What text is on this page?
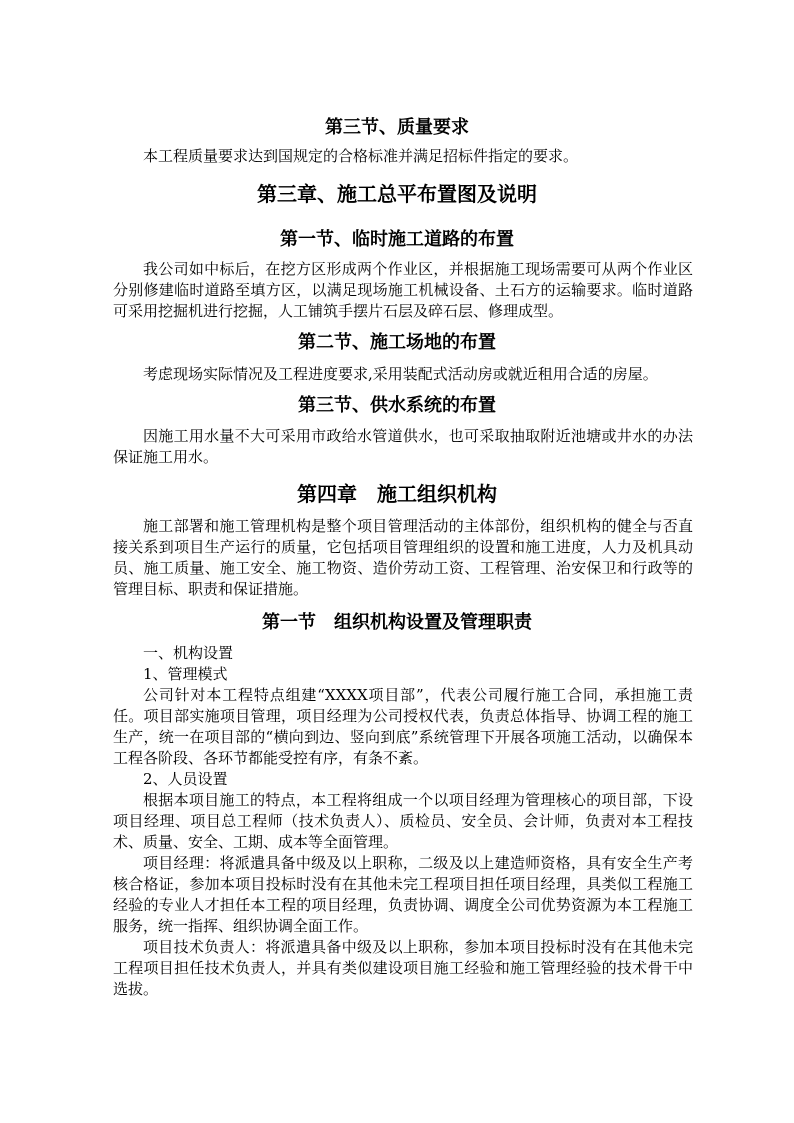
第三节、质量要求

本工程质量要求达到国规定的合格标准并满足招标件指定的要求。

第三章、施工总平布置图及说明
第一节、临时施工道路的布置

我公司如中标后，在挖方区形成两个作业区，并根据施工现场需要可从两个作业区分别修建临时道路至填方区，以满足现场施工机械设备、土石方的运输要求。临时道路可采用挖掘机进行挖掘，人工铺筑手摆片石层及碎石层、修理成型。

第二节、施工场地的布置

考虑现场实际情况及工程进度要求,采用装配式活动房或就近租用合适的房屋。

第三节、供水系统的布置

因施工用水量不大可采用市政给水管道供水，也可采取抽取附近池塘或井水的办法保证施工用水。

第四章　施工组织机构

施工部署和施工管理机构是整个项目管理活动的主体部份，组织机构的健全与否直接关系到项目生产运行的质量，它包括项目管理组织的设置和施工进度，人力及机具动员、施工质量、施工安全、施工物资、造价劳动工资、工程管理、治安保卫和行政等的管理目标、职责和保证措施。

第一节　组织机构设置及管理职责

一、机构设置

1、管理模式

公司针对本工程特点组建“XXXX项目部”，代表公司履行施工合同，承担施工责任。项目部实施项目管理，项目经理为公司授权代表，负责总体指导、协调工程的施工生产，统一在项目部的“横向到边、竖向到底”系统管理下开展各项施工活动，以确保本工程各阶段、各环节都能受控有序，有条不紊。

2、人员设置

根据本项目施工的特点，本工程将组成一个以项目经理为管理核心的项目部，下设项目经理、项目总工程师（技术负责人）、质检员、安全员、会计师，负责对本工程技术、质量、安全、工期、成本等全面管理。

项目经理：将派遣具备中级及以上职称，二级及以上建造师资格，具有安全生产考核合格证，参加本项目投标时没有在其他未完工程项目担任项目经理，具类似工程施工经验的专业人才担任本工程的项目经理，负责协调、调度全公司优势资源为本工程施工服务，统一指挥、组织协调全面工作。

项目技术负责人：将派遣具备中级及以上职称，参加本项目投标时没有在其他未完工程项目担任技术负责人，并具有类似建设项目施工经验和施工管理经验的技术骨干中选拔。
